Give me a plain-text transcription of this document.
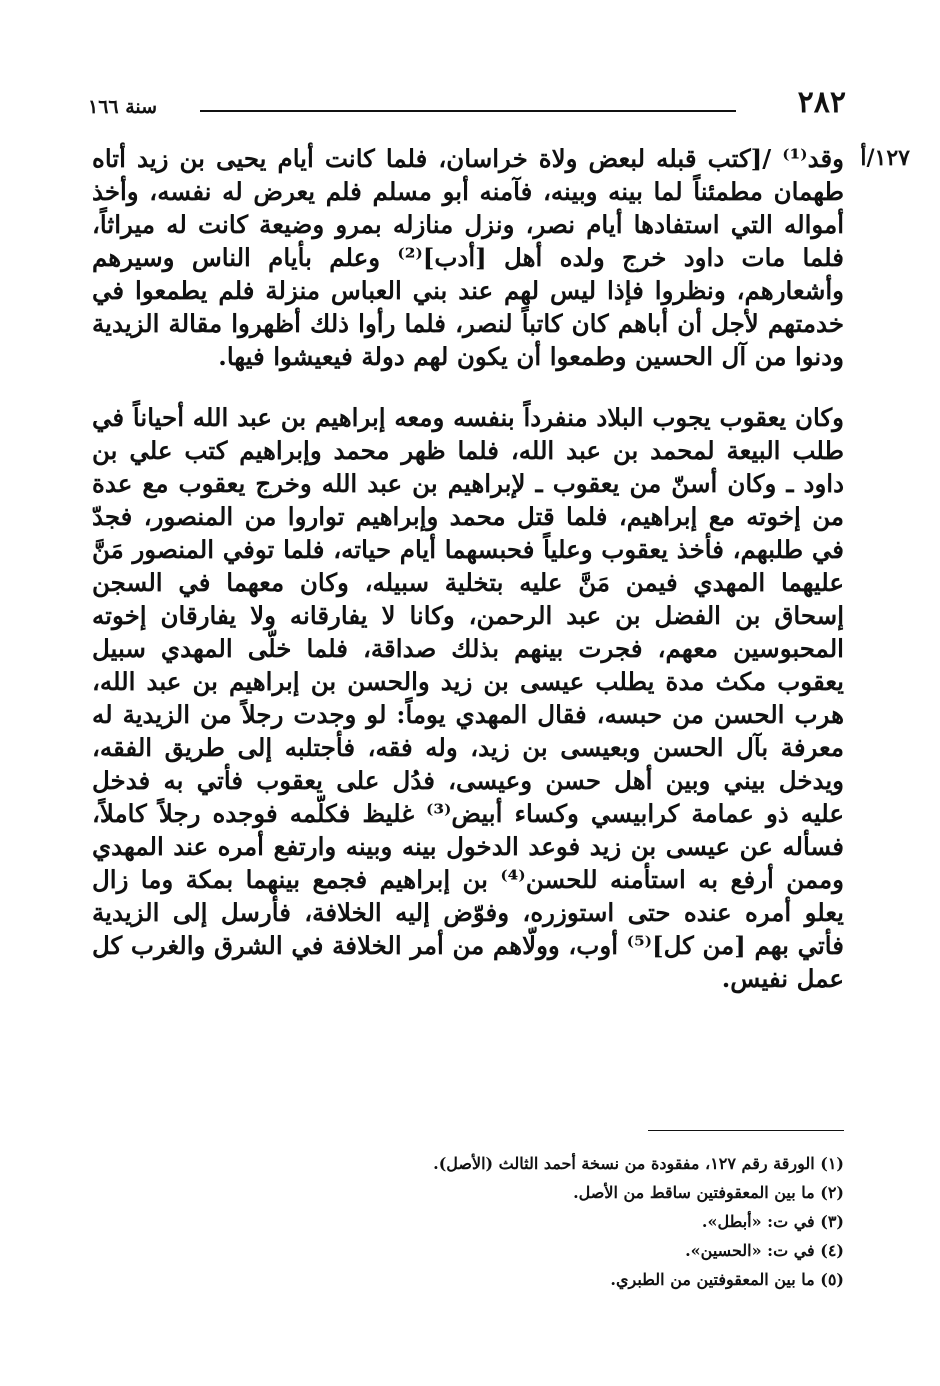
٢٨٢
سنة ١٦٦
١٢٧/أ

وقد⁽¹⁾ /[كتب قبله لبعض ولاة خراسان، فلما كانت أيام يحيى بن زيد أتاه طهمان مطمئناً لما بينه وبينه، فآمنه أبو مسلم فلم يعرض له نفسه، وأخذ أمواله التي استفادها أيام نصر، ونزل منازله بمرو وضيعة كانت له ميراثاً، فلما مات داود خرج ولده أهل [أدب]⁽²⁾ وعلم بأيام الناس وسيرهم وأشعارهم، ونظروا فإذا ليس لهم عند بني العباس منزلة فلم يطمعوا في خدمتهم لأجل أن أباهم كان كاتباً لنصر، فلما رأوا ذلك أظهروا مقالة الزيدية ودنوا من آل الحسين وطمعوا أن يكون لهم دولة فيعيشوا فيها.

وكان يعقوب يجوب البلاد منفرداً بنفسه ومعه إبراهيم بن عبد الله أحياناً في طلب البيعة لمحمد بن عبد الله، فلما ظهر محمد وإبراهيم كتب علي بن داود ـ وكان أسنّ من يعقوب ـ لإبراهيم بن عبد الله وخرج يعقوب مع عدة من إخوته مع إبراهيم، فلما قتل محمد وإبراهيم تواروا من المنصور، فجدّ في طلبهم، فأخذ يعقوب وعلياً فحبسهما أيام حياته، فلما توفي المنصور مَنَّ عليهما المهدي فيمن مَنَّ عليه بتخلية سبيله، وكان معهما في السجن إسحاق بن الفضل بن عبد الرحمن، وكانا لا يفارقانه ولا يفارقان إخوته المحبوسين معهم، فجرت بينهم بذلك صداقة، فلما خلّى المهدي سبيل يعقوب مكث مدة يطلب عيسى بن زيد والحسن بن إبراهيم بن عبد الله، هرب الحسن من حبسه، فقال المهدي يوماً: لو وجدت رجلاً من الزيدية له معرفة بآل الحسن وبعيسى بن زيد، وله فقه، فأجتلبه إلى طريق الفقه، ويدخل بيني وبين أهل حسن وعيسى، فدُل على يعقوب فأتي به فدخل عليه ذو عمامة كرابيسي وكساء أبيض⁽³⁾ غليظ فكلّمه فوجده رجلاً كاملاً، فسأله عن عيسى بن زيد فوعد الدخول بينه وبينه وارتفع أمره عند المهدي وممن أرفع به استأمنه للحسن⁽⁴⁾ بن إبراهيم فجمع بينهما بمكة وما زال يعلو أمره عنده حتى استوزره، وفوّض إليه الخلافة، فأرسل إلى الزيدية فأتي بهم [من كل]⁽⁵⁾ أوب، وولّاهم من أمر الخلافة في الشرق والغرب كل عمل نفيس.

(١) الورقة رقم ١٢٧، مفقودة من نسخة أحمد الثالث (الأصل).
(٢) ما بين المعقوفتين ساقط من الأصل.
(٣) في ت: «أبطل».
(٤) في ت: «الحسين».
(٥) ما بين المعقوفتين من الطبري.
